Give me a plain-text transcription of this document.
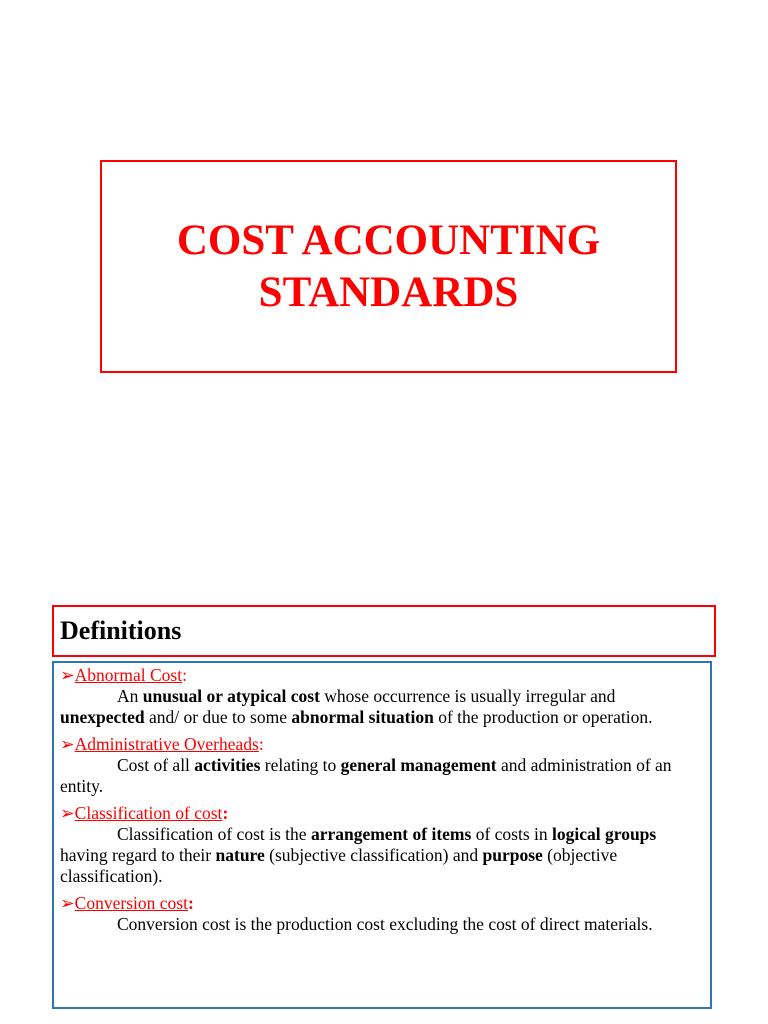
COST ACCOUNTING STANDARDS
Definitions
➢Abnormal Cost:

An unusual or atypical cost whose occurrence is usually irregular and unexpected and/ or due to some abnormal situation of the production or operation.

➢Administrative Overheads:

Cost of all activities relating to general management and administration of an entity.

➢Classification of cost:

Classification of cost is the arrangement of items of costs in logical groups having regard to their nature (subjective classification) and purpose (objective classification).

➢Conversion cost:

Conversion cost is the production cost excluding the cost of direct materials.
